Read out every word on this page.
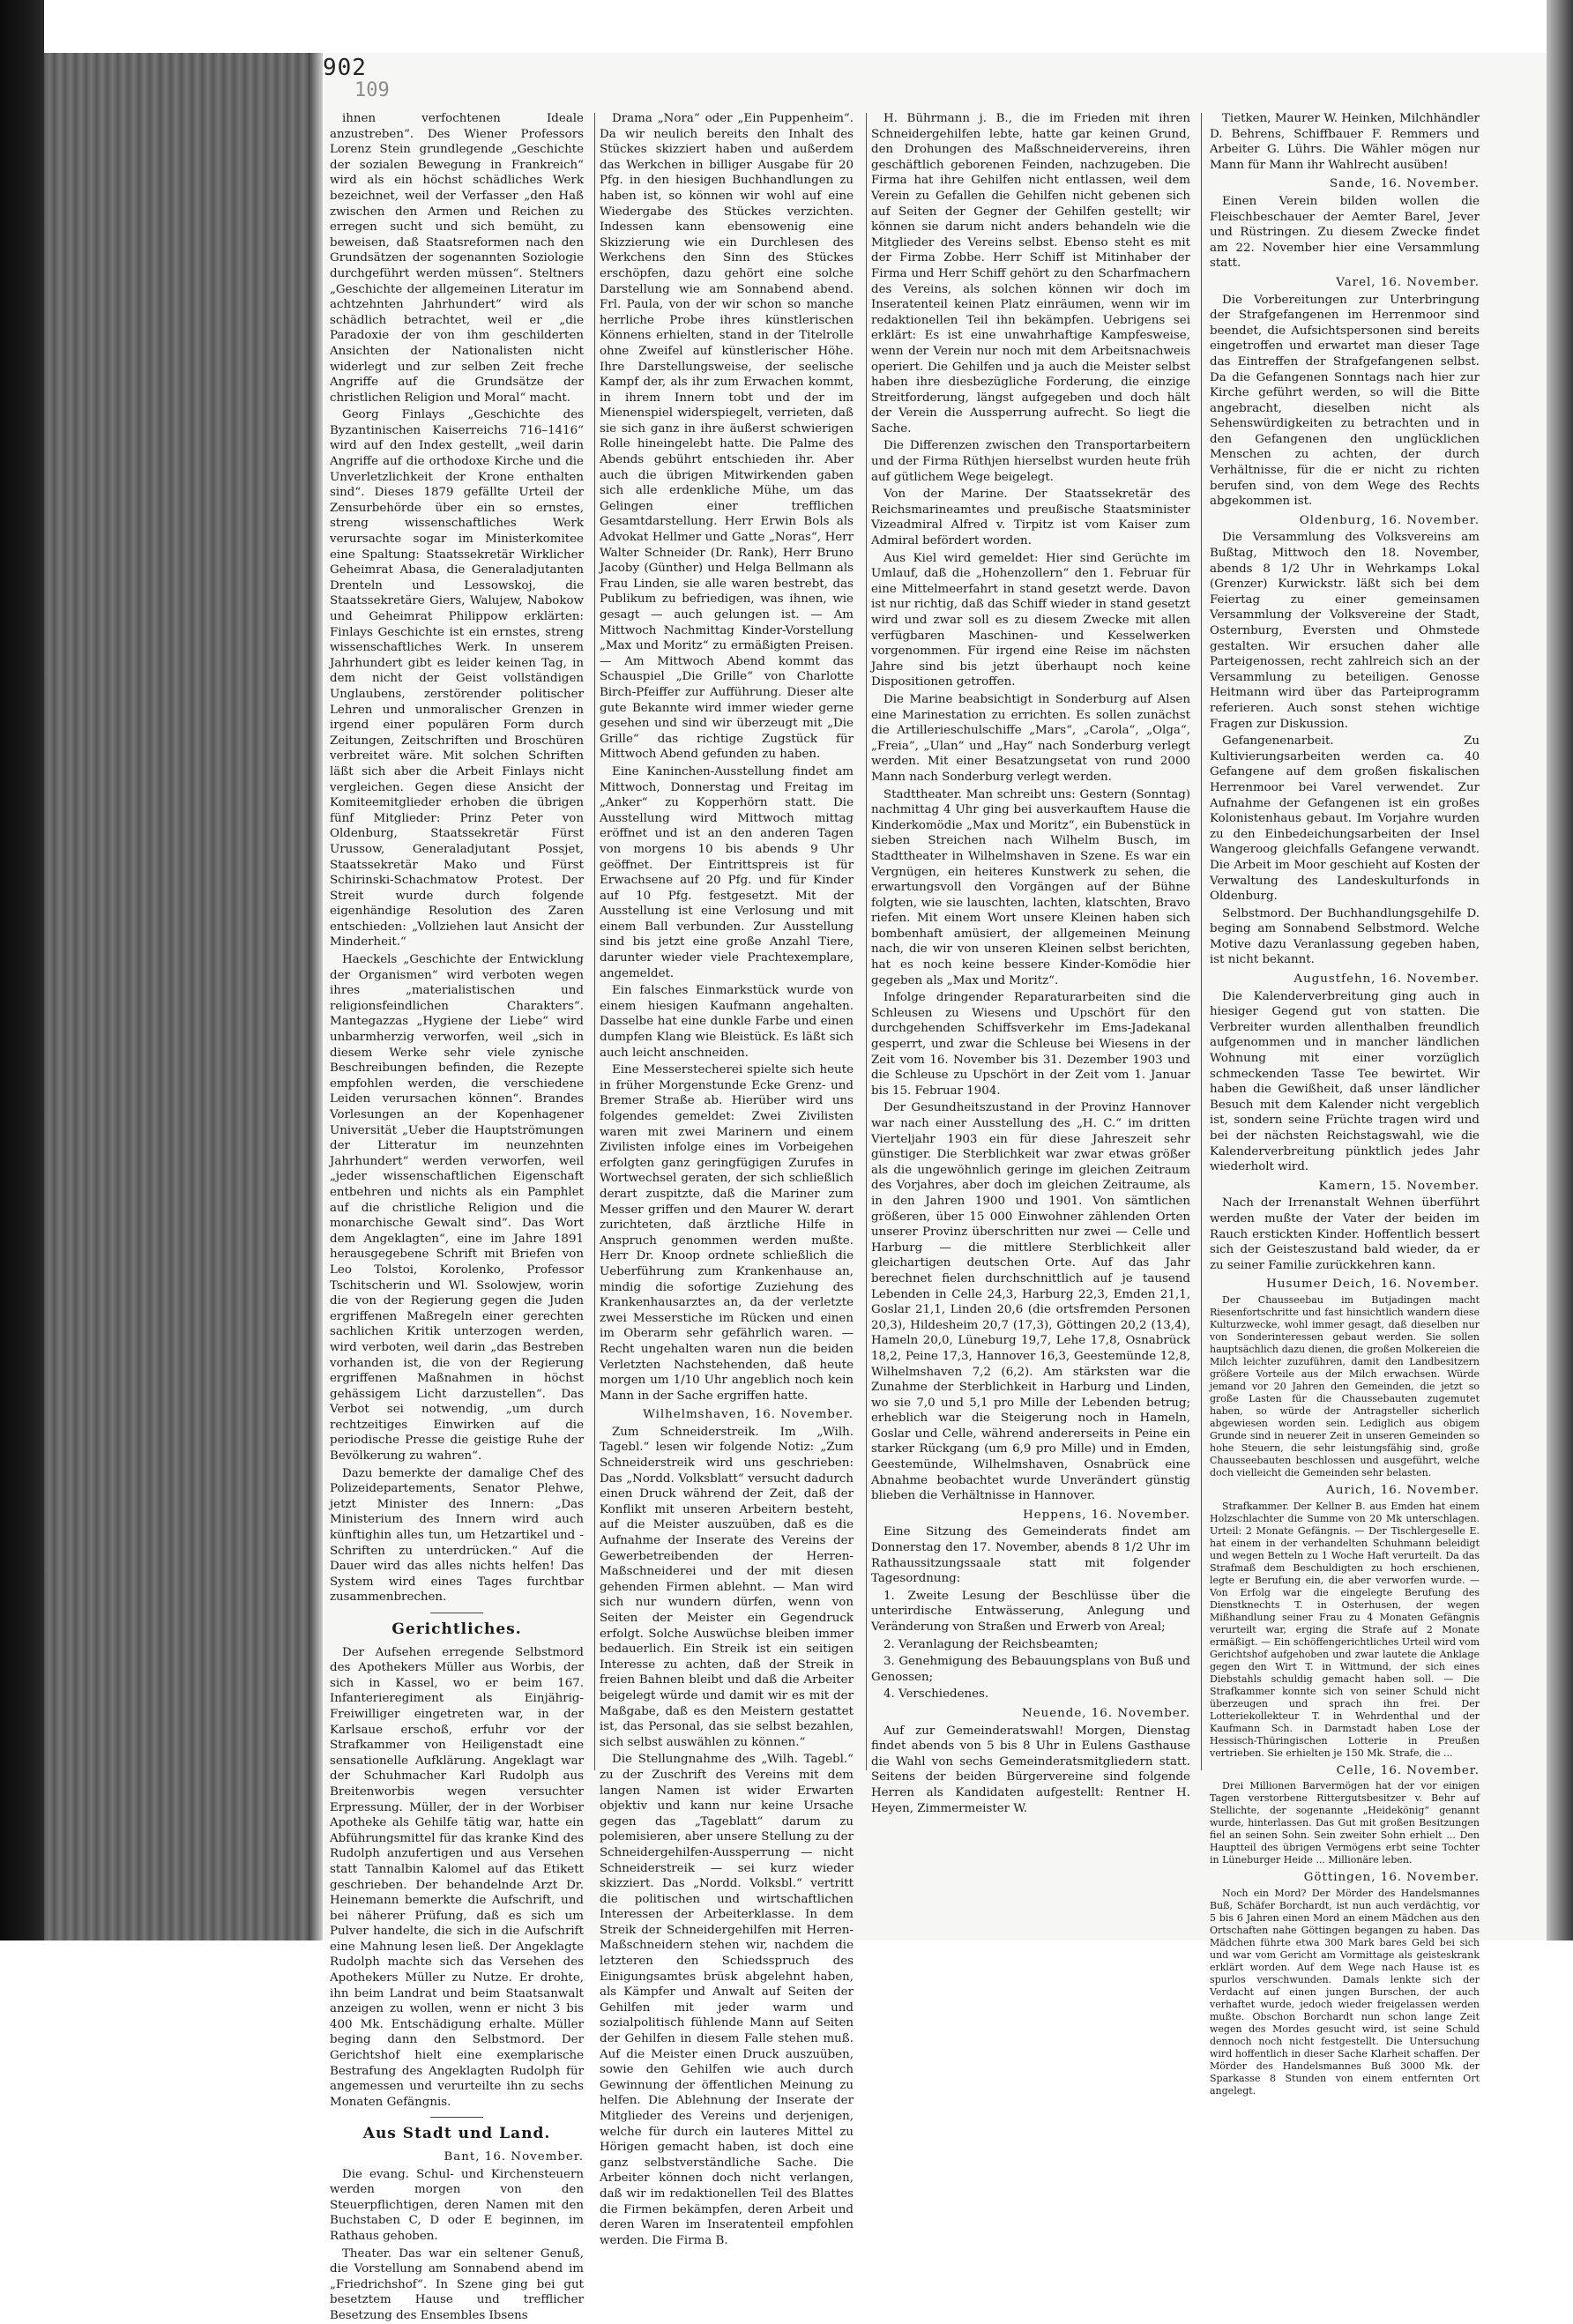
902
109

ihnen verfochtenen Ideale anzustreben“. Des Wiener Professors Lorenz Stein grundlegende „Geschichte der sozialen Bewegung in Frankreich“ wird als ein höchst schädliches Werk bezeichnet, weil der Verfasser „den Haß zwischen den Armen und Reichen zu erregen sucht und sich bemüht, zu beweisen, daß Staatsreformen nach den Grundsätzen der sogenannten Soziologie durchgeführt werden müssen“. Steltners „Geschichte der allgemeinen Literatur im achtzehnten Jahrhundert“ wird als schädlich betrachtet, weil er „die Paradoxie der von ihm geschilderten Ansichten der Nationalisten nicht widerlegt und zur selben Zeit freche Angriffe auf die Grundsätze der christlichen Religion und Moral“ macht.

Georg Finlays „Geschichte des Byzantinischen Kaiserreichs 716–1416“ wird auf den Index gestellt, „weil darin Angriffe auf die orthodoxe Kirche und die Unverletzlichkeit der Krone enthalten sind“. Dieses 1879 gefällte Urteil der Zensurbehörde über ein so ernstes, streng wissenschaftliches Werk verursachte sogar im Ministerkomitee eine Spaltung: Staatssekretär Wirklicher Geheimrat Abasa, die Generaladjutanten Drenteln und Lessowskoj, die Staatssekretäre Giers, Walujew, Nabokow und Geheimrat Philippow erklärten: Finlays Geschichte ist ein ernstes, streng wissenschaftliches Werk. In unserem Jahrhundert gibt es leider keinen Tag, in dem nicht der Geist vollständigen Unglaubens, zerstörender politischer Lehren und unmoralischer Grenzen in irgend einer populären Form durch Zeitungen, Zeitschriften und Broschüren verbreitet wäre. Mit solchen Schriften läßt sich aber die Arbeit Finlays nicht vergleichen. Gegen diese Ansicht der Komiteemitglieder erhoben die übrigen fünf Mitglieder: Prinz Peter von Oldenburg, Staatssekretär Fürst Urussow, Generaladjutant Possjet, Staatssekretär Mako und Fürst Schirinski-Schachmatow Protest. Der Streit wurde durch folgende eigenhändige Resolution des Zaren entschieden: „Vollziehen laut Ansicht der Minderheit.“

Haeckels „Geschichte der Entwicklung der Organismen“ wird verboten wegen ihres „materialistischen und religionsfeindlichen Charakters“. Mantegazzas „Hygiene der Liebe“ wird unbarmherzig verworfen, weil „sich in diesem Werke sehr viele zynische Beschreibungen befinden, die Rezepte empfohlen werden, die verschiedene Leiden verursachen können“. Brandes Vorlesungen an der Kopenhagener Universität „Ueber die Hauptströmungen der Litteratur im neunzehnten Jahrhundert“ werden verworfen, weil „jeder wissenschaftlichen Eigenschaft entbehren und nichts als ein Pamphlet auf die christliche Religion und die monarchische Gewalt sind“. Das Wort dem Angeklagten“, eine im Jahre 1891 herausgegebene Schrift mit Briefen von Leo Tolstoi, Korolenko, Professor Tschitscherin und Wl. Ssolowjew, worin die von der Regierung gegen die Juden ergriffenen Maßregeln einer gerechten sachlichen Kritik unterzogen werden, wird verboten, weil darin „das Bestreben vorhanden ist, die von der Regierung ergriffenen Maßnahmen in höchst gehässigem Licht darzustellen“. Das Verbot sei notwendig, „um durch rechtzeitiges Einwirken auf die periodische Presse die geistige Ruhe der Bevölkerung zu wahren“.

Dazu bemerkte der damalige Chef des Polizeidepartements, Senator Plehwe, jetzt Minister des Innern: „Das Ministerium des Innern wird auch künftighin alles tun, um Hetzartikel und -Schriften zu unterdrücken.“ Auf die Dauer wird das alles nichts helfen! Das System wird eines Tages furchtbar zusammenbrechen.

Gerichtliches.

Der Aufsehen erregende Selbstmord des Apothekers Müller aus Worbis, der sich in Kassel, wo er beim 167. Infanterieregiment als Einjährig-Freiwilliger eingetreten war, in der Karlsaue erschoß, erfuhr vor der Strafkammer von Heiligenstadt eine sensationelle Aufklärung. Angeklagt war der Schuhmacher Karl Rudolph aus Breitenworbis wegen versuchter Erpressung. Müller, der in der Worbiser Apotheke als Gehilfe tätig war, hatte ein Abführungsmittel für das kranke Kind des Rudolph anzufertigen und aus Versehen statt Tannalbin Kalomel auf das Etikett geschrieben. Der behandelnde Arzt Dr. Heinemann bemerkte die Aufschrift, und bei näherer Prüfung, daß es sich um Pulver handelte, die sich in die Aufschrift eine Mahnung lesen ließ. Der Angeklagte Rudolph machte sich das Versehen des Apothekers Müller zu Nutze. Er drohte, ihn beim Landrat und beim Staatsanwalt anzeigen zu wollen, wenn er nicht 3 bis 400 Mk. Entschädigung erhalte. Müller beging dann den Selbstmord. Der Gerichtshof hielt eine exemplarische Bestrafung des Angeklagten Rudolph für angemessen und verurteilte ihn zu sechs Monaten Gefängnis.

Aus Stadt und Land.
Bant, 16. November.

Die evang. Schul- und Kirchensteuern werden morgen von den Steuerpflichtigen, deren Namen mit den Buchstaben C, D oder E beginnen, im Rathaus gehoben.

Theater. Das war ein seltener Genuß, die Vorstellung am Sonnabend abend im „Friedrichshof“. In Szene ging bei gut besetztem Hause und trefflicher Besetzung des Ensembles Ibsens

Drama „Nora“ oder „Ein Puppenheim“. Da wir neulich bereits den Inhalt des Stückes skizziert haben und außerdem das Werkchen in billiger Ausgabe für 20 Pfg. in den hiesigen Buchhandlungen zu haben ist, so können wir wohl auf eine Wiedergabe des Stückes verzichten. Indessen kann ebensowenig eine Skizzierung wie ein Durchlesen des Werkchens den Sinn des Stückes erschöpfen, dazu gehört eine solche Darstellung wie am Sonnabend abend. Frl. Paula, von der wir schon so manche herrliche Probe ihres künstlerischen Könnens erhielten, stand in der Titelrolle ohne Zweifel auf künstlerischer Höhe. Ihre Darstellungsweise, der seelische Kampf der, als ihr zum Erwachen kommt, in ihrem Innern tobt und der im Mienenspiel widerspiegelt, verrieten, daß sie sich ganz in ihre äußerst schwierigen Rolle hineingelebt hatte. Die Palme des Abends gebührt entschieden ihr. Aber auch die übrigen Mitwirkenden gaben sich alle erdenkliche Mühe, um das Gelingen einer trefflichen Gesamtdarstellung. Herr Erwin Bols als Advokat Hellmer und Gatte „Noras“, Herr Walter Schneider (Dr. Rank), Herr Bruno Jacoby (Günther) und Helga Bellmann als Frau Linden, sie alle waren bestrebt, das Publikum zu befriedigen, was ihnen, wie gesagt — auch gelungen ist. — Am Mittwoch Nachmittag Kinder-Vorstellung „Max und Moritz“ zu ermäßigten Preisen. — Am Mittwoch Abend kommt das Schauspiel „Die Grille“ von Charlotte Birch-Pfeiffer zur Aufführung. Dieser alte gute Bekannte wird immer wieder gerne gesehen und sind wir überzeugt mit „Die Grille“ das richtige Zugstück für Mittwoch Abend gefunden zu haben.

Eine Kaninchen-Ausstellung findet am Mittwoch, Donnerstag und Freitag im „Anker“ zu Kopperhörn statt. Die Ausstellung wird Mittwoch mittag eröffnet und ist an den anderen Tagen von morgens 10 bis abends 9 Uhr geöffnet. Der Eintrittspreis ist für Erwachsene auf 20 Pfg. und für Kinder auf 10 Pfg. festgesetzt. Mit der Ausstellung ist eine Verlosung und mit einem Ball verbunden. Zur Ausstellung sind bis jetzt eine große Anzahl Tiere, darunter wieder viele Prachtexemplare, angemeldet.

Ein falsches Einmarkstück wurde von einem hiesigen Kaufmann angehalten. Dasselbe hat eine dunkle Farbe und einen dumpfen Klang wie Bleistück. Es läßt sich auch leicht anschneiden.

Eine Messerstecherei spielte sich heute in früher Morgenstunde Ecke Grenz- und Bremer Straße ab. Hierüber wird uns folgendes gemeldet: Zwei Zivilisten waren mit zwei Marinern und einem Zivilisten infolge eines im Vorbeigehen erfolgten ganz geringfügigen Zurufes in Wortwechsel geraten, der sich schließlich derart zuspitzte, daß die Mariner zum Messer griffen und den Maurer W. derart zurichteten, daß ärztliche Hilfe in Anspruch genommen werden mußte. Herr Dr. Knoop ordnete schließlich die Ueberführung zum Krankenhause an, mindig die sofortige Zuziehung des Krankenhausarztes an, da der verletzte zwei Messerstiche im Rücken und einen im Oberarm sehr gefährlich waren. — Recht ungehalten waren nun die beiden Verletzten Nachstehenden, daß heute morgen um 1/10 Uhr angeblich noch kein Mann in der Sache ergriffen hatte.

Wilhelmshaven, 16. November.

Zum Schneiderstreik. Im „Wilh. Tagebl.“ lesen wir folgende Notiz: „Zum Schneiderstreik wird uns geschrieben: Das „Nordd. Volksblatt“ versucht dadurch einen Druck während der Zeit, daß der Konflikt mit unseren Arbeitern besteht, auf die Meister auszuüben, daß es die Aufnahme der Inserate des Vereins der Gewerbetreibenden der Herren-Maßschneiderei und der mit diesen gehenden Firmen ablehnt. — Man wird sich nur wundern dürfen, wenn von Seiten der Meister ein Gegendruck erfolgt. Solche Auswüchse bleiben immer bedauerlich. Ein Streik ist ein seitigen Interesse zu achten, daß der Streik in freien Bahnen bleibt und daß die Arbeiter beigelegt würde und damit wir es mit der Maßgabe, daß es den Meistern gestattet ist, das Personal, das sie selbst bezahlen, sich selbst auswählen zu können.“

Die Stellungnahme des „Wilh. Tagebl.“ zu der Zuschrift des Vereins mit dem langen Namen ist wider Erwarten objektiv und kann nur keine Ursache gegen das „Tageblatt“ darum zu polemisieren, aber unsere Stellung zu der Schneidergehilfen-Aussperrung — nicht Schneiderstreik — sei kurz wieder skizziert. Das „Nordd. Volksbl.“ vertritt die politischen und wirtschaftlichen Interessen der Arbeiterklasse. In dem Streik der Schneidergehilfen mit Herren-Maßschneidern stehen wir, nachdem die letzteren den Schiedsspruch des Einigungsamtes brüsk abgelehnt haben, als Kämpfer und Anwalt auf Seiten der Gehilfen mit jeder warm und sozialpolitisch fühlende Mann auf Seiten der Gehilfen in diesem Falle stehen muß. Auf die Meister einen Druck auszuüben, sowie den Gehilfen wie auch durch Gewinnung der öffentlichen Meinung zu helfen. Die Ablehnung der Inserate der Mitglieder des Vereins und derjenigen, welche für durch ein lauteres Mittel zu Hörigen gemacht haben, ist doch eine ganz selbstverständliche Sache. Die Arbeiter können doch nicht verlangen, daß wir im redaktionellen Teil des Blattes die Firmen bekämpfen, deren Arbeit und deren Waren im Inseratenteil empfohlen werden. Die Firma B.

H. Bührmann j. B., die im Frieden mit ihren Schneidergehilfen lebte, hatte gar keinen Grund, den Drohungen des Maßschneidervereins, ihren geschäftlich geborenen Feinden, nachzugeben. Die Firma hat ihre Gehilfen nicht entlassen, weil dem Verein zu Gefallen die Gehilfen nicht gebenen sich auf Seiten der Gegner der Gehilfen gestellt; wir können sie darum nicht anders behandeln wie die Mitglieder des Vereins selbst. Ebenso steht es mit der Firma Zobbe. Herr Schiff ist Mitinhaber der Firma und Herr Schiff gehört zu den Scharfmachern des Vereins, als solchen können wir doch im Inseratenteil keinen Platz einräumen, wenn wir im redaktionellen Teil ihn bekämpfen. Uebrigens sei erklärt: Es ist eine unwahrhaftige Kampfesweise, wenn der Verein nur noch mit dem Arbeitsnachweis operiert. Die Gehilfen und ja auch die Meister selbst haben ihre diesbezügliche Forderung, die einzige Streitforderung, längst aufgegeben und doch hält der Verein die Aussperrung aufrecht. So liegt die Sache.

Die Differenzen zwischen den Transportarbeitern und der Firma Rüthjen hierselbst wurden heute früh auf gütlichem Wege beigelegt.

Von der Marine. Der Staatssekretär des Reichsmarineamtes und preußische Staatsminister Vizeadmiral Alfred v. Tirpitz ist vom Kaiser zum Admiral befördert worden.

Aus Kiel wird gemeldet: Hier sind Gerüchte im Umlauf, daß die „Hohenzollern“ den 1. Februar für eine Mittelmeerfahrt in stand gesetzt werde. Davon ist nur richtig, daß das Schiff wieder in stand gesetzt wird und zwar soll es zu diesem Zwecke mit allen verfügbaren Maschinen- und Kesselwerken vorgenommen. Für irgend eine Reise im nächsten Jahre sind bis jetzt überhaupt noch keine Dispositionen getroffen.

Die Marine beabsichtigt in Sonderburg auf Alsen eine Marinestation zu errichten. Es sollen zunächst die Artillerieschulschiffe „Mars“, „Carola“, „Olga“, „Freia“, „Ulan“ und „Hay“ nach Sonderburg verlegt werden. Mit einer Besatzungsetat von rund 2000 Mann nach Sonderburg verlegt werden.

Stadttheater. Man schreibt uns: Gestern (Sonntag) nachmittag 4 Uhr ging bei ausverkauftem Hause die Kinderkomödie „Max und Moritz“, ein Bubenstück in sieben Streichen nach Wilhelm Busch, im Stadttheater in Wilhelmshaven in Szene. Es war ein Vergnügen, ein heiteres Kunstwerk zu sehen, die erwartungsvoll den Vorgängen auf der Bühne folgten, wie sie lauschten, lachten, klatschten, Bravo riefen. Mit einem Wort unsere Kleinen haben sich bombenhaft amüsiert, der allgemeinen Meinung nach, die wir von unseren Kleinen selbst berichten, hat es noch keine bessere Kinder-Komödie hier gegeben als „Max und Moritz“.

Infolge dringender Reparaturarbeiten sind die Schleusen zu Wiesens und Upschört für den durchgehenden Schiffsverkehr im Ems-Jadekanal gesperrt, und zwar die Schleuse bei Wiesens in der Zeit vom 16. November bis 31. Dezember 1903 und die Schleuse zu Upschört in der Zeit vom 1. Januar bis 15. Februar 1904.

Der Gesundheitszustand in der Provinz Hannover war nach einer Ausstellung des „H. C.“ im dritten Vierteljahr 1903 ein für diese Jahreszeit sehr günstiger. Die Sterblichkeit war zwar etwas größer als die ungewöhnlich geringe im gleichen Zeitraum des Vorjahres, aber doch im gleichen Zeitraume, als in den Jahren 1900 und 1901. Von sämtlichen größeren, über 15 000 Einwohner zählenden Orten unserer Provinz überschritten nur zwei — Celle und Harburg — die mittlere Sterblichkeit aller gleichartigen deutschen Orte. Auf das Jahr berechnet fielen durchschnittlich auf je tausend Lebenden in Celle 24,3, Harburg 22,3, Emden 21,1, Goslar 21,1, Linden 20,6 (die ortsfremden Personen 20,3), Hildesheim 20,7 (17,3), Göttingen 20,2 (13,4), Hameln 20,0, Lüneburg 19,7, Lehe 17,8, Osnabrück 18,2, Peine 17,3, Hannover 16,3, Geestemünde 12,8, Wilhelmshaven 7,2 (6,2). Am stärksten war die Zunahme der Sterblichkeit in Harburg und Linden, wo sie 7,0 und 5,1 pro Mille der Lebenden betrug; erheblich war die Steigerung noch in Hameln, Goslar und Celle, während andererseits in Peine ein starker Rückgang (um 6,9 pro Mille) und in Emden, Geestemünde, Wilhelmshaven, Osnabrück eine Abnahme beobachtet wurde Unverändert günstig blieben die Verhältnisse in Hannover.

Heppens, 16. November.

Eine Sitzung des Gemeinderats findet am Donnerstag den 17. November, abends 8 1/2 Uhr im Rathaussitzungssaale statt mit folgender Tagesordnung:

1. Zweite Lesung der Beschlüsse über die unterirdische Entwässerung, Anlegung und Veränderung von Straßen und Erwerb von Areal;

2. Veranlagung der Reichsbeamten;

3. Genehmigung des Bebauungsplans von Buß und Genossen;

4. Verschiedenes.

Neuende, 16. November.

Auf zur Gemeinderatswahl! Morgen, Dienstag findet abends von 5 bis 8 Uhr in Eulens Gasthause die Wahl von sechs Gemeinderatsmitgliedern statt. Seitens der beiden Bürgervereine sind folgende Herren als Kandidaten aufgestellt: Rentner H. Heyen, Zimmermeister W.

Tietken, Maurer W. Heinken, Milchhändler D. Behrens, Schiffbauer F. Remmers und Arbeiter G. Lührs. Die Wähler mögen nur Mann für Mann ihr Wahlrecht ausüben!

Sande, 16. November.

Einen Verein bilden wollen die Fleischbeschauer der Aemter Barel, Jever und Rüstringen. Zu diesem Zwecke findet am 22. November hier eine Versammlung statt.

Varel, 16. November.

Die Vorbereitungen zur Unterbringung der Strafgefangenen im Herrenmoor sind beendet, die Aufsichtspersonen sind bereits eingetroffen und erwartet man dieser Tage das Eintreffen der Strafgefangenen selbst. Da die Gefangenen Sonntags nach hier zur Kirche geführt werden, so will die Bitte angebracht, dieselben nicht als Sehenswürdigkeiten zu betrachten und in den Gefangenen den unglücklichen Menschen zu achten, der durch Verhältnisse, für die er nicht zu richten berufen sind, von dem Wege des Rechts abgekommen ist.

Oldenburg, 16. November.

Die Versammlung des Volksvereins am Bußtag, Mittwoch den 18. November, abends 8 1/2 Uhr in Wehrkamps Lokal (Grenzer) Kurwickstr. läßt sich bei dem Feiertag zu einer gemeinsamen Versammlung der Volksvereine der Stadt, Osternburg, Eversten und Ohmstede gestalten. Wir ersuchen daher alle Parteigenossen, recht zahlreich sich an der Versammlung zu beteiligen. Genosse Heitmann wird über das Parteiprogramm referieren. Auch sonst stehen wichtige Fragen zur Diskussion.

Gefangenenarbeit. Zu Kultivierungsarbeiten werden ca. 40 Gefangene auf dem großen fiskalischen Herrenmoor bei Varel verwendet. Zur Aufnahme der Gefangenen ist ein großes Kolonistenhaus gebaut. Im Vorjahre wurden zu den Einbedeichungsarbeiten der Insel Wangeroog gleichfalls Gefangene verwandt. Die Arbeit im Moor geschieht auf Kosten der Verwaltung des Landeskulturfonds in Oldenburg.

Selbstmord. Der Buchhandlungsgehilfe D. beging am Sonnabend Selbstmord. Welche Motive dazu Veranlassung gegeben haben, ist nicht bekannt.

Augustfehn, 16. November.

Die Kalenderverbreitung ging auch in hiesiger Gegend gut von statten. Die Verbreiter wurden allenthalben freundlich aufgenommen und in mancher ländlichen Wohnung mit einer vorzüglich schmeckenden Tasse Tee bewirtet. Wir haben die Gewißheit, daß unser ländlicher Besuch mit dem Kalender nicht vergeblich ist, sondern seine Früchte tragen wird und bei der nächsten Reichstagswahl, wie die Kalenderverbreitung pünktlich jedes Jahr wiederholt wird.

Kamern, 15. November.

Nach der Irrenanstalt Wehnen überführt werden mußte der Vater der beiden im Rauch erstickten Kinder. Hoffentlich bessert sich der Geisteszustand bald wieder, da er zu seiner Familie zurückkehren kann.

Husumer Deich, 16. November.

Der Chausseebau im Butjadingen macht Riesenfortschritte und fast hinsichtlich wandern diese Kulturzwecke, wohl immer gesagt, daß dieselben nur von Sonderinteressen gebaut werden. Sie sollen hauptsächlich dazu dienen, die großen Molkereien die Milch leichter zuzuführen, damit den Landbesitzern größere Vorteile aus der Milch erwachsen. Würde jemand vor 20 Jahren den Gemeinden, die jetzt so große Lasten für die Chaussebauten zugemutet haben, so würde der Antragsteller sicherlich abgewiesen worden sein. Lediglich aus obigem Grunde sind in neuerer Zeit in unseren Gemeinden so hohe Steuern, die sehr leistungsfähig sind, große Chausseebauten beschlossen und ausgeführt, welche doch vielleicht die Gemeinden sehr belasten.

Aurich, 16. November.

Strafkammer. Der Kellner B. aus Emden hat einem Holzschlachter die Summe von 20 Mk unterschlagen. Urteil: 2 Monate Gefängnis. — Der Tischlergeselle E. hat einem in der verhandelten Schuhmann beleidigt und wegen Betteln zu 1 Woche Haft verurteilt. Da das Strafmaß dem Beschuldigten zu hoch erschienen, legte er Berufung ein, die aber verworfen wurde. — Von Erfolg war die eingelegte Berufung des Dienstknechts T. in Osterhusen, der wegen Mißhandlung seiner Frau zu 4 Monaten Gefängnis verurteilt war, erging die Strafe auf 2 Monate ermäßigt. — Ein schöffengerichtliches Urteil wird vom Gerichtshof aufgehoben und zwar lautete die Anklage gegen den Wirt T. in Wittmund, der sich eines Diebstahls schuldig gemacht haben soll. — Die Strafkammer konnte sich von seiner Schuld nicht überzeugen und sprach ihn frei. Der Lotteriekollekteur T. in Wehrdenthal und der Kaufmann Sch. in Darmstadt haben Lose der Hessisch-Thüringischen Lotterie in Preußen vertrieben. Sie erhielten je 150 Mk. Strafe, die ...

Celle, 16. November.

Drei Millionen Barvermögen hat der vor einigen Tagen verstorbene Rittergutsbesitzer v. Behr auf Stellichte, der sogenannte „Heidekönig“ genannt wurde, hinterlassen. Das Gut mit großen Besitzungen fiel an seinen Sohn. Sein zweiter Sohn erhielt ... Den Hauptteil des übrigen Vermögens erbt seine Tochter in Lüneburger Heide ... Millionäre leben.

Göttingen, 16. November.

Noch ein Mord? Der Mörder des Handelsmannes Buß, Schäfer Borchardt, ist nun auch verdächtig, vor 5 bis 6 Jahren einen Mord an einem Mädchen aus den Ortschaften nahe Göttingen begangen zu haben. Das Mädchen führte etwa 300 Mark bares Geld bei sich und war vom Gericht am Vormittage als geisteskrank erklärt worden. Auf dem Wege nach Hause ist es spurlos verschwunden. Damals lenkte sich der Verdacht auf einen jungen Burschen, der auch verhaftet wurde, jedoch wieder freigelassen werden mußte. Obschon Borchardt nun schon lange Zeit wegen des Mordes gesucht wird, ist seine Schuld dennoch noch nicht festgestellt. Die Untersuchung wird hoffentlich in dieser Sache Klarheit schaffen. Der Mörder des Handelsmannes Buß 3000 Mk. der Sparkasse 8 Stunden von einem entfernten Ort angelegt.
